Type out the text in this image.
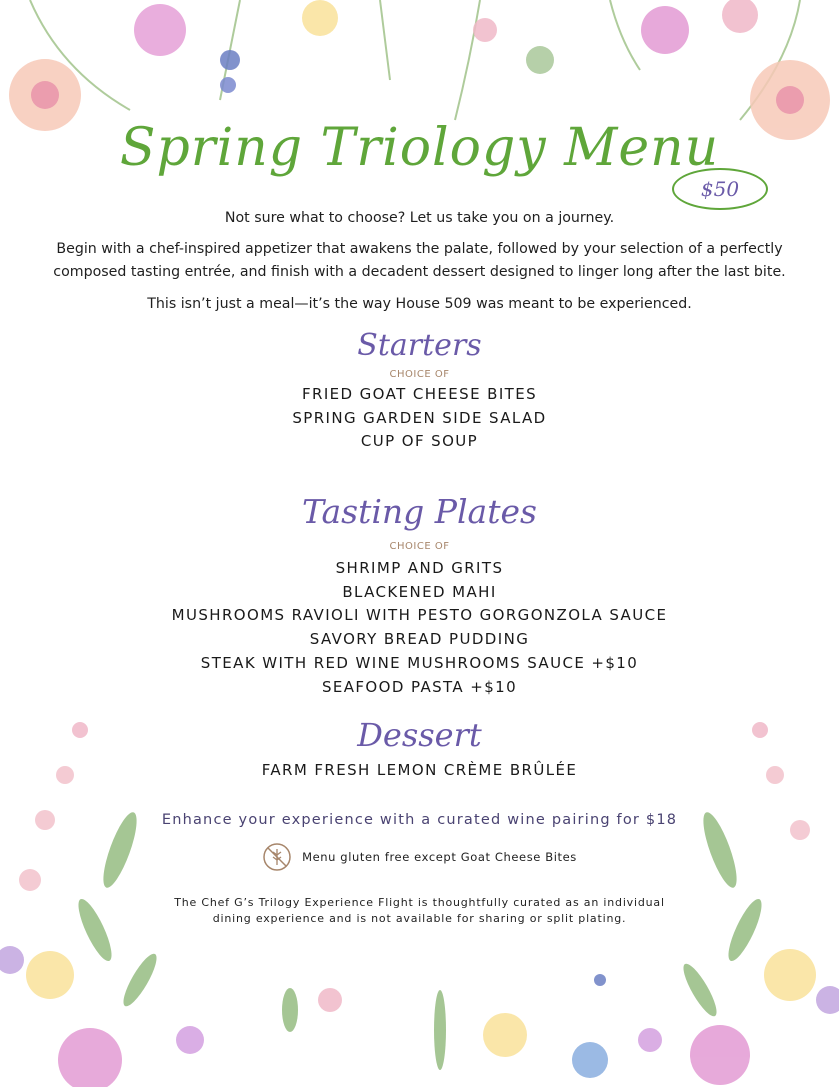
Spring Triology Menu
$50
Not sure what to choose? Let us take you on a journey.
Begin with a chef-inspired appetizer that awakens the palate, followed by your selection of a perfectly
composed tasting entrée, and finish with a decadent dessert designed to linger long after the last bite.
This isn’t just a meal—it’s the way House 509 was meant to be experienced.
Starters
CHOICE OF
FRIED GOAT CHEESE BITES
SPRING GARDEN SIDE SALAD
CUP OF SOUP
Tasting Plates
CHOICE OF
SHRIMP AND GRITS
BLACKENED MAHI
MUSHROOMS RAVIOLI WITH PESTO GORGONZOLA SAUCE
SAVORY BREAD PUDDING
STEAK WITH RED WINE MUSHROOMS SAUCE +$10
SEAFOOD PASTA +$10
Dessert
FARM FRESH LEMON CRÈME BRÛLÉE
Enhance your experience with a curated wine pairing for $18
Menu gluten free except Goat Cheese Bites
The Chef G’s Trilogy Experience Flight is thoughtfully curated as an individual
dining experience and is not available for sharing or split plating.
